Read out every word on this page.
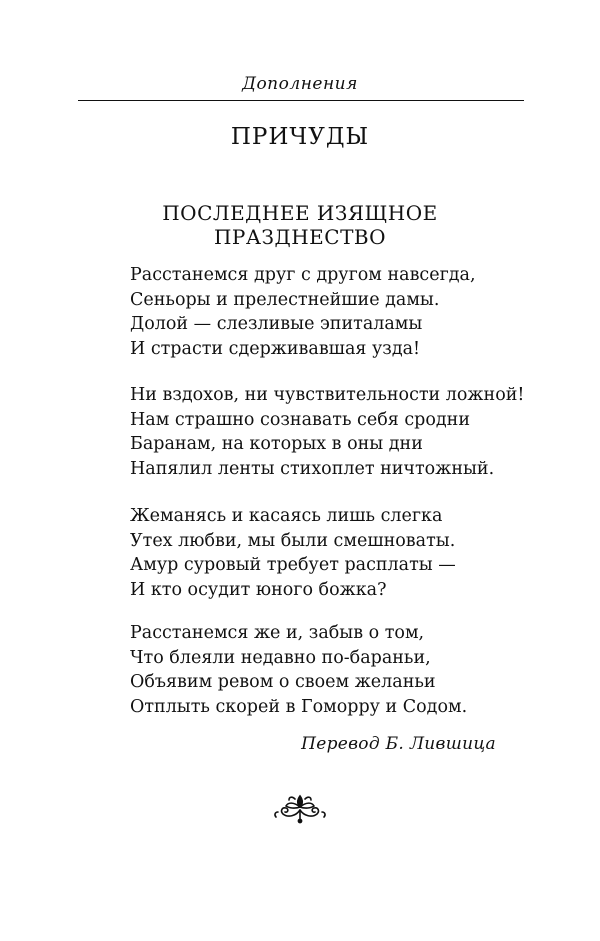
Дополнения
ПРИЧУДЫ
ПОСЛЕДНЕЕ ИЗЯЩНОЕ
ПРАЗДНЕСТВО
Расстанемся друг с другом навсегда,
Сеньоры и прелестнейшие дамы.
Долой — слезливые эпиталамы
И страсти сдерживавшая узда!
Ни вздохов, ни чувствительности ложной!
Нам страшно сознавать себя сродни
Баранам, на которых в оны дни
Напялил ленты стихоплет ничтожный.
Жеманясь и касаясь лишь слегка
Утех любви, мы были смешноваты.
Амур суровый требует расплаты —
И кто осудит юного божка?
Расстанемся же и, забыв о том,
Что блеяли недавно по-бараньи,
Объявим ревом о своем желаньи
Отплыть скорей в Гоморру и Содом.
Перевод Б. Лившица
